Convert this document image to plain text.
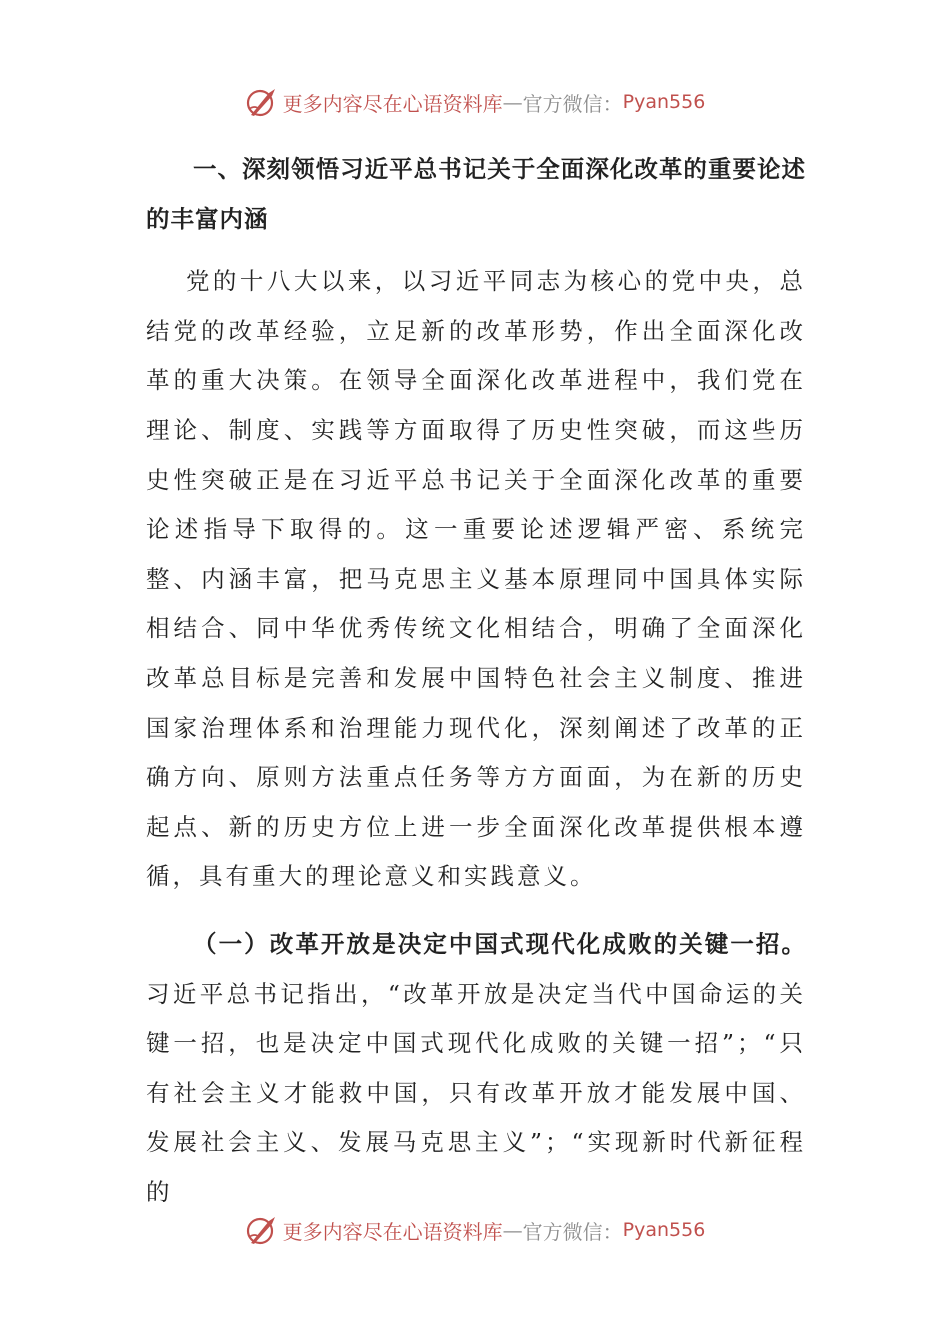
更多内容尽在心语资料库 — 官方微信： Pyan556

一、深刻领悟习近平总书记关于全面深化改革的重要论述的丰富内涵

党的十八大以来，以习近平同志为核心的党中央，总结党的改革经验，立足新的改革形势，作出全面深化改革的重大决策。在领导全面深化改革进程中，我们党在理论、制度、实践等方面取得了历史性突破，而这些历史性突破正是在习近平总书记关于全面深化改革的重要论述指导下取得的。这一重要论述逻辑严密、系统完整、内涵丰富，把马克思主义基本原理同中国具体实际相结合、同中华优秀传统文化相结合，明确了全面深化改革总目标是完善和发展中国特色社会主义制度、推进国家治理体系和治理能力现代化，深刻阐述了改革的正确方向、原则方法重点任务等方方面面，为在新的历史起点、新的历史方位上进一步全面深化改革提供根本遵循，具有重大的理论意义和实践意义。

（一）改革开放是决定中国式现代化成败的关键一招。习近平总书记指出，“改革开放是决定当代中国命运的关键一招，也是决定中国式现代化成败的关键一招”；“只有社会主义才能救中国，只有改革开放才能发展中国、发展社会主义、发展马克思主义”；“实现新时代新征程的

更多内容尽在心语资料库 — 官方微信： Pyan556
